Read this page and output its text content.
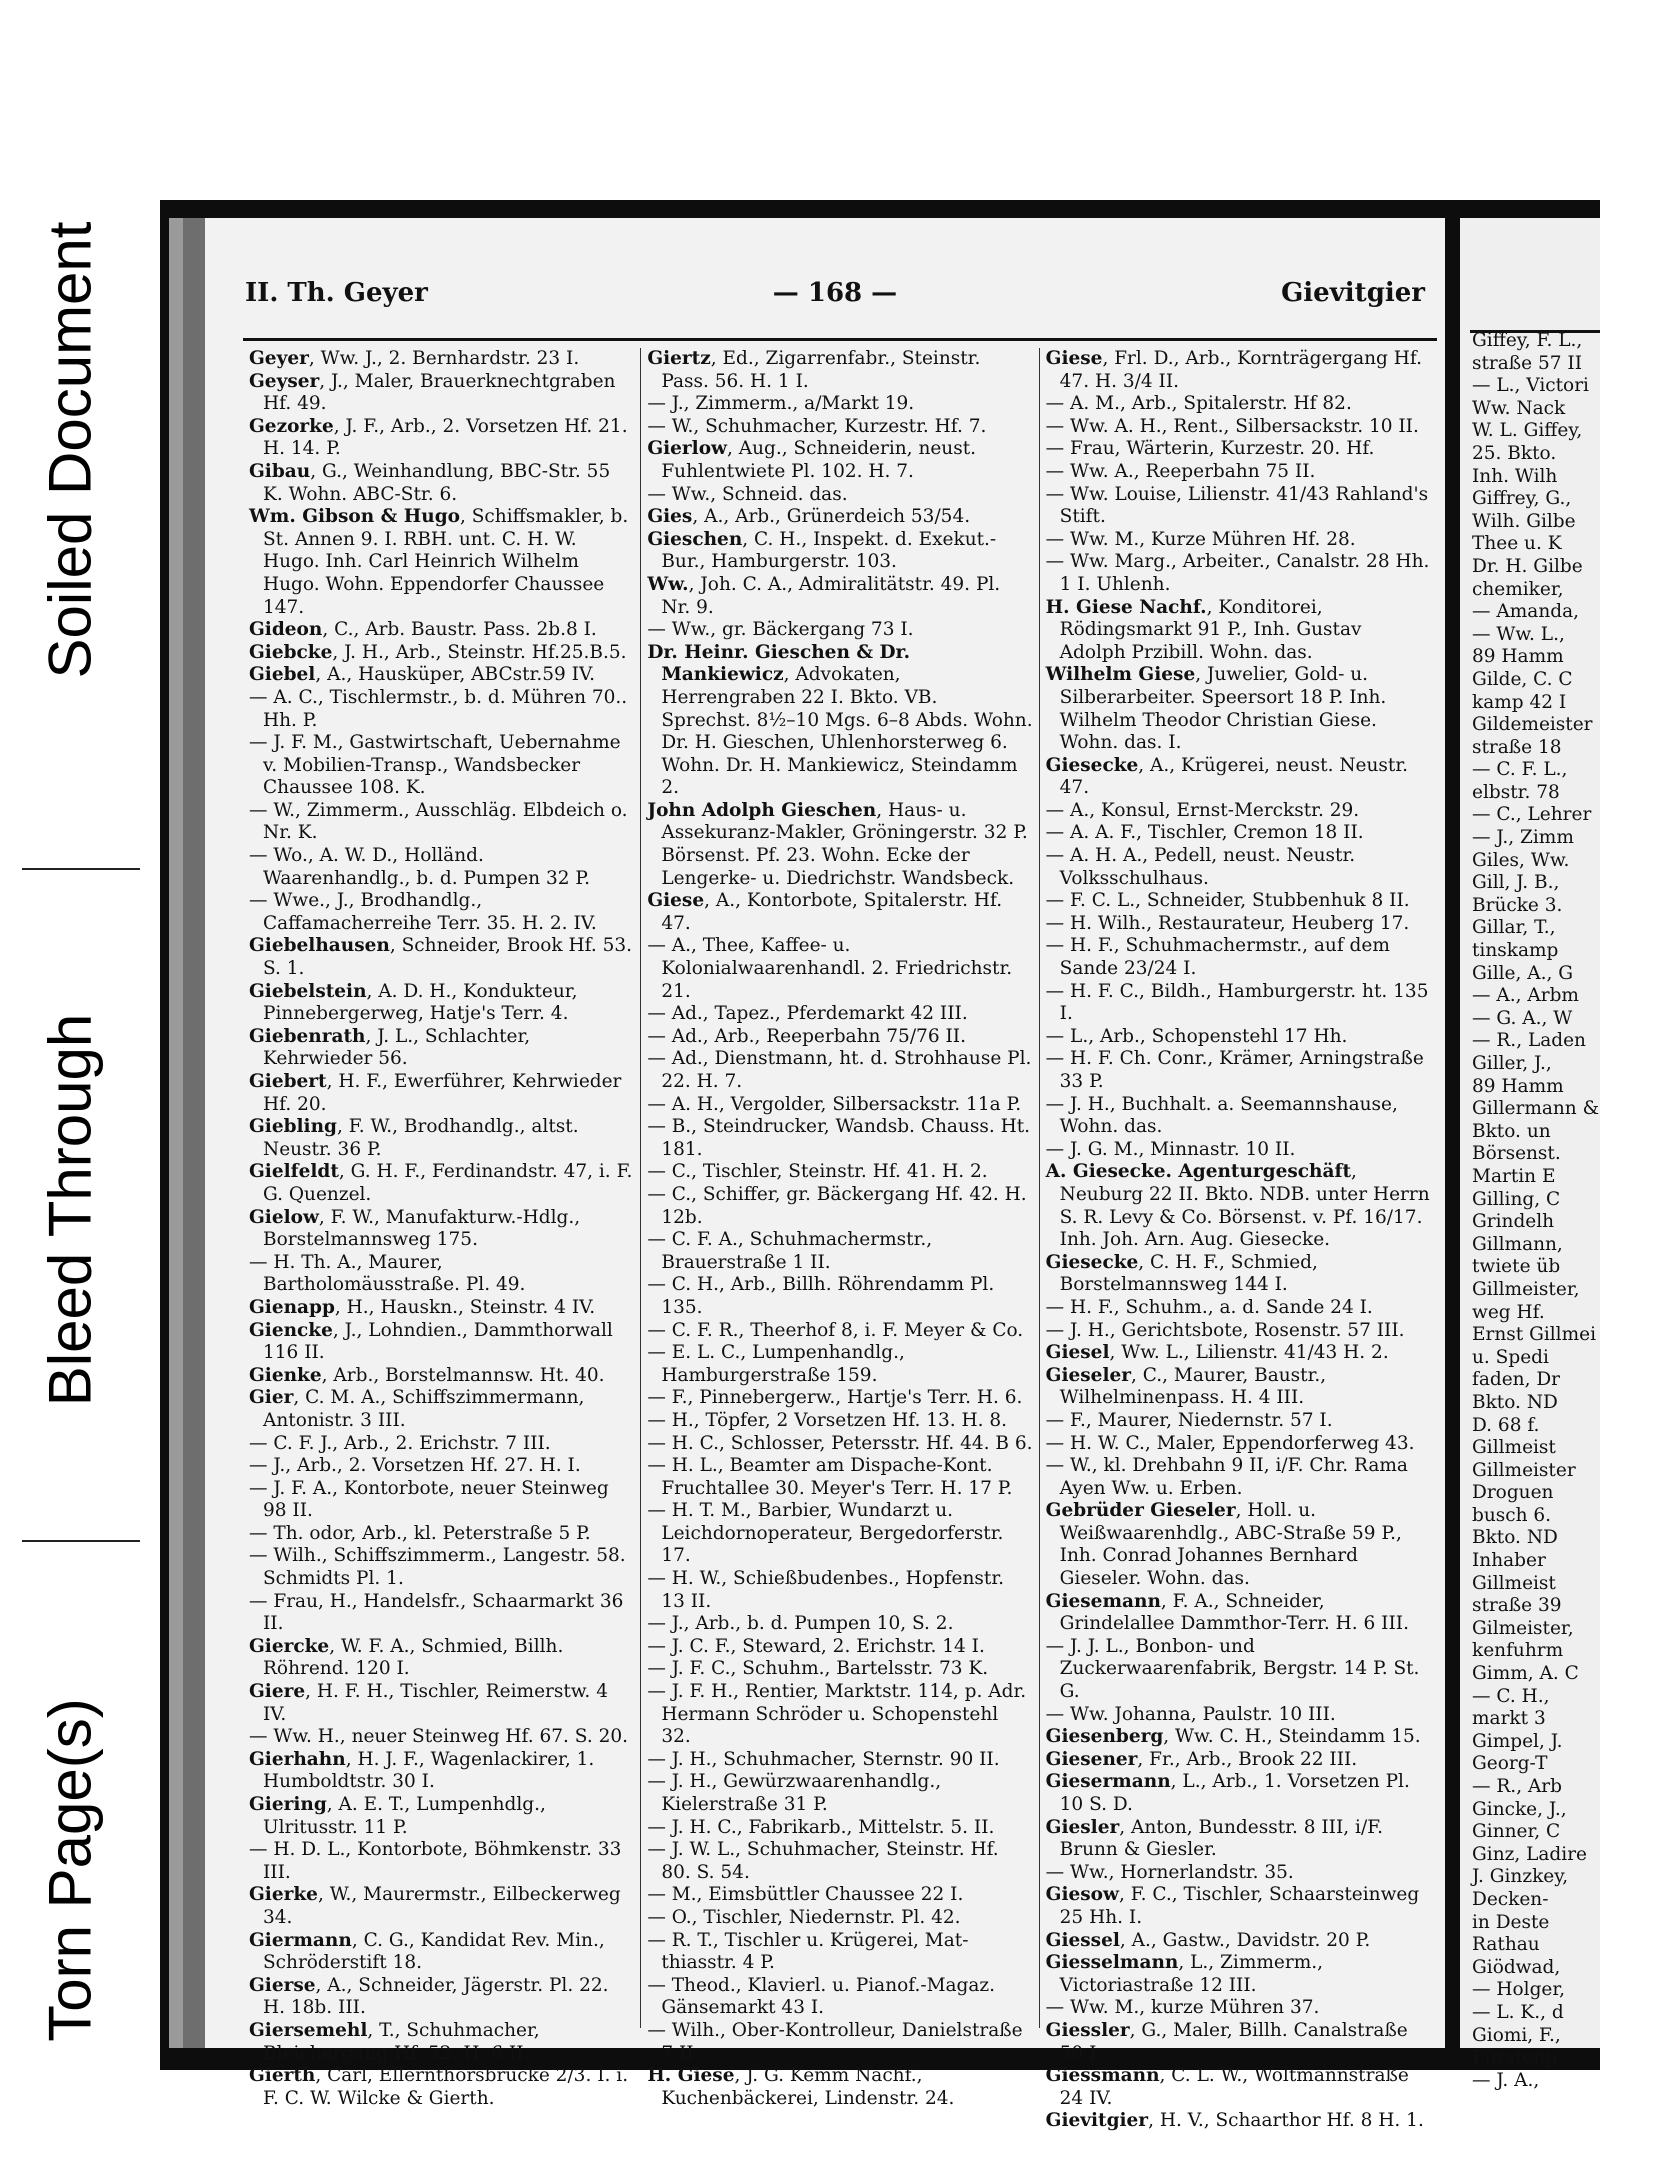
Torn Page(s)
Bleed Through
Soiled Document	II. Th. Geyer	— 168 —	Gievitgier

Geyer, Ww. J., 2. Bernhardstr. 23 I.

Geyser, J., Maler, Brauerknechtgraben Hf. 49.

Gezorke, J. F., Arb., 2. Vorsetzen Hf. 21. H. 14. P.

Gibau, G., Weinhandlung, BBC-Str. 55 K. Wohn. ABC-Str. 6.

Wm. Gibson & Hugo, Schiffsmakler, b. St. Annen 9. I. RBH. unt. C. H. W. Hugo. Inh. Carl Heinrich Wilhelm Hugo. Wohn. Eppendorfer Chaussee 147.

Gideon, C., Arb. Baustr. Pass. 2b.8 I.

Giebcke, J. H., Arb., Steinstr. Hf.25.B.5.

Giebel, A., Hausküper, ABCstr.59 IV.

— A. C., Tischlermstr., b. d. Mühren 70.. Hh. P.

— J. F. M., Gastwirtschaft, Uebernahme v. Mobilien-Transp., Wandsbecker Chaussee 108. K.

— W., Zimmerm., Ausschläg. Elbdeich o. Nr. K.

— Wo., A. W. D., Holländ. Waarenhandlg., b. d. Pumpen 32 P.

— Wwe., J., Brodhandlg., Caffamacherreihe Terr. 35. H. 2. IV.

Giebelhausen, Schneider, Brook Hf. 53. S. 1.

Giebelstein, A. D. H., Kondukteur, Pinnebergerweg, Hatje's Terr. 4.

Giebenrath, J. L., Schlachter, Kehrwieder 56.

Giebert, H. F., Ewerführer, Kehrwieder Hf. 20.

Giebling, F. W., Brodhandlg., altst. Neustr. 36 P.

Gielfeldt, G. H. F., Ferdinandstr. 47, i. F. G. Quenzel.

Gielow, F. W., Manufakturw.-Hdlg., Borstelmannsweg 175.

— H. Th. A., Maurer, Bartholomäusstraße. Pl. 49.

Gienapp, H., Hauskn., Steinstr. 4 IV.

Giencke, J., Lohndien., Dammthorwall 116 II.

Gienke, Arb., Borstelmannsw. Ht. 40.

Gier, C. M. A., Schiffszimmermann, Antonistr. 3 III.

— C. F. J., Arb., 2. Erichstr. 7 III.

— J., Arb., 2. Vorsetzen Hf. 27. H. I.

— J. F. A., Kontorbote, neuer Steinweg 98 II.

— Th. odor, Arb., kl. Peterstraße 5 P.

— Wilh., Schiffszimmerm., Langestr. 58. Schmidts Pl. 1.

— Frau, H., Handelsfr., Schaarmarkt 36 II.

Giercke, W. F. A., Schmied, Billh. Röhrend. 120 I.

Giere, H. F. H., Tischler, Reimerstw. 4 IV.

— Ww. H., neuer Steinweg Hf. 67. S. 20.

Gierhahn, H. J. F., Wagenlackirer, 1. Humboldtstr. 30 I.

Giering, A. E. T., Lumpenhdlg., Ulritusstr. 11 P.

— H. D. L., Kontorbote, Böhmkenstr. 33 III.

Gierke, W., Maurermstr., Eilbeckerweg 34.

Giermann, C. G., Kandidat Rev. Min., Schröderstift 18.

Gierse, A., Schneider, Jägerstr. Pl. 22. H. 18b. III.

Giersemehl, T., Schuhmacher, Bleichergang Hf. 52. H. 6 II.

Gierth, Carl, Ellernthorsbrücke 2/3. I. i. F. C. W. Wilcke & Gierth.

Giertz, Ed., Zigarrenfabr., Steinstr. Pass. 56. H. 1 I.

— J., Zimmerm., a/Markt 19.

— W., Schuhmacher, Kurzestr. Hf. 7.

Gierlow, Aug., Schneiderin, neust. Fuhlentwiete Pl. 102. H. 7.

— Ww., Schneid. das.

Gies, A., Arb., Grünerdeich 53/54.

Gieschen, C. H., Inspekt. d. Exekut.-Bur., Hamburgerstr. 103.

Ww., Joh. C. A., Admiralitätstr. 49. Pl. Nr. 9.

— Ww., gr. Bäckergang 73 I.

Dr. Heinr. Gieschen & Dr. Mankiewicz, Advokaten, Herrengraben 22 I. Bkto. VB. Sprechst. 8½–10 Mgs. 6–8 Abds. Wohn. Dr. H. Gieschen, Uhlenhorsterweg 6. Wohn. Dr. H. Mankiewicz, Steindamm 2.

John Adolph Gieschen, Haus- u. Assekuranz-Makler, Gröningerstr. 32 P. Börsenst. Pf. 23. Wohn. Ecke der Lengerke- u. Diedrichstr. Wandsbeck.

Giese, A., Kontorbote, Spitalerstr. Hf. 47.

— A., Thee, Kaffee- u. Kolonialwaarenhandl. 2. Friedrichstr. 21.

— Ad., Tapez., Pferdemarkt 42 III.

— Ad., Arb., Reeperbahn 75/76 II.

— Ad., Dienstmann, ht. d. Strohhause Pl. 22. H. 7.

— A. H., Vergolder, Silbersackstr. 11a P.

— B., Steindrucker, Wandsb. Chauss. Ht. 181.

— C., Tischler, Steinstr. Hf. 41. H. 2.

— C., Schiffer, gr. Bäckergang Hf. 42. H. 12b.

— C. F. A., Schuhmachermstr., Brauerstraße 1 II.

— C. H., Arb., Billh. Röhrendamm Pl. 135.

— C. F. R., Theerhof 8, i. F. Meyer & Co.

— E. L. C., Lumpenhandlg., Hamburgerstraße 159.

— F., Pinnebergerw., Hartje's Terr. H. 6.

— H., Töpfer, 2 Vorsetzen Hf. 13. H. 8.

— H. C., Schlosser, Petersstr. Hf. 44. B 6.

— H. L., Beamter am Dispache-Kont. Fruchtallee 30. Meyer's Terr. H. 17 P.

— H. T. M., Barbier, Wundarzt u. Leichdornoperateur, Bergedorferstr. 17.

— H. W., Schießbudenbes., Hopfenstr. 13 II.

— J., Arb., b. d. Pumpen 10, S. 2.

— J. C. F., Steward, 2. Erichstr. 14 I.

— J. F. C., Schuhm., Bartelsstr. 73 K.

— J. F. H., Rentier, Marktstr. 114, p. Adr. Hermann Schröder u. Schopenstehl 32.

— J. H., Schuhmacher, Sternstr. 90 II.

— J. H., Gewürzwaarenhandlg., Kielerstraße 31 P.

— J. H. C., Fabrikarb., Mittelstr. 5. II.

— J. W. L., Schuhmacher, Steinstr. Hf. 80. S. 54.

— M., Eimsbüttler Chaussee 22 I.

— O., Tischler, Niedernstr. Pl. 42.

— R. T., Tischler u. Krügerei, Mat-thiasstr. 4 P.

— Theod., Klavierl. u. Pianof.-Magaz. Gänsemarkt 43 I.

— Wilh., Ober-Kontrolleur, Danielstraße 7 II.

H. Giese, J. G. Kemm Nachf., Kuchenbäckerei, Lindenstr. 24.

Giese, Frl. D., Arb., Kornträgergang Hf. 47. H. 3/4 II.

— A. M., Arb., Spitalerstr. Hf 82.

— Ww. A. H., Rent., Silbersackstr. 10 II.

— Frau, Wärterin, Kurzestr. 20. Hf.

— Ww. A., Reeperbahn 75 II.

— Ww. Louise, Lilienstr. 41/43 Rahland's Stift.

— Ww. M., Kurze Mühren Hf. 28.

— Ww. Marg., Arbeiter., Canalstr. 28 Hh. 1 I. Uhlenh.

H. Giese Nachf., Konditorei, Rödingsmarkt 91 P., Inh. Gustav Adolph Przibill. Wohn. das.

Wilhelm Giese, Juwelier, Gold- u. Silberarbeiter. Speersort 18 P. Inh. Wilhelm Theodor Christian Giese. Wohn. das. I.

Giesecke, A., Krügerei, neust. Neustr. 47.

— A., Konsul, Ernst-Merckstr. 29.

— A. A. F., Tischler, Cremon 18 II.

— A. H. A., Pedell, neust. Neustr. Volksschulhaus.

— F. C. L., Schneider, Stubbenhuk 8 II.

— H. Wilh., Restaurateur, Heuberg 17.

— H. F., Schuhmachermstr., auf dem Sande 23/24 I.

— H. F. C., Bildh., Hamburgerstr. ht. 135 I.

— L., Arb., Schopenstehl 17 Hh.

— H. F. Ch. Conr., Krämer, Arningstraße 33 P.

— J. H., Buchhalt. a. Seemannshause, Wohn. das.

— J. G. M., Minnastr. 10 II.

A. Giesecke. Agenturgeschäft, Neuburg 22 II. Bkto. NDB. unter Herrn S. R. Levy & Co. Börsenst. v. Pf. 16/17. Inh. Joh. Arn. Aug. Giesecke.

Giesecke, C. H. F., Schmied, Borstelmannsweg 144 I.

— H. F., Schuhm., a. d. Sande 24 I.

— J. H., Gerichtsbote, Rosenstr. 57 III.

Giesel, Ww. L., Lilienstr. 41/43 H. 2.

Gieseler, C., Maurer, Baustr., Wilhelminenpass. H. 4 III.

— F., Maurer, Niedernstr. 57 I.

— H. W. C., Maler, Eppendorferweg 43.

— W., kl. Drehbahn 9 II, i/F. Chr. Rama Ayen Ww. u. Erben.

Gebrüder Gieseler, Holl. u. Weißwaarenhdlg., ABC-Straße 59 P., Inh. Conrad Johannes Bernhard Gieseler. Wohn. das.

Giesemann, F. A., Schneider, Grindelallee Dammthor-Terr. H. 6 III.

— J. J. L., Bonbon- und Zuckerwaarenfabrik, Bergstr. 14 P. St. G.

— Ww. Johanna, Paulstr. 10 III.

Giesenberg, Ww. C. H., Steindamm 15.

Giesener, Fr., Arb., Brook 22 III.

Giesermann, L., Arb., 1. Vorsetzen Pl. 10 S. D.

Giesler, Anton, Bundesstr. 8 III, i/F. Brunn & Giesler.

— Ww., Hornerlandstr. 35.

Giesow, F. C., Tischler, Schaarsteinweg 25 Hh. I.

Giessel, A., Gastw., Davidstr. 20 P.

Giesselmann, L., Zimmerm., Victoriastraße 12 III.

— Ww. M., kurze Mühren 37.

Giessler, G., Maler, Billh. Canalstraße 50 I.

Giessmann, C. L. W., Woltmannstraße 24 IV.

Gievitgier, H. V., Schaarthor Hf. 8 H. 1.

Giffey, F. L.,
straße 57 II
— L., Victori
Ww. Nack
W. L. Giffey,
25. Bkto.
Inh. Wilh
Giffrey, G.,
Wilh. Gilbe
Thee u. K
Dr. H. Gilbe
chemiker,
— Amanda,
— Ww. L.,
89 Hamm
Gilde, C. C
kamp 42 I
Gildemeister
straße 18
— C. F. L.,
elbstr. 78
— C., Lehrer
— J., Zimm
Giles, Ww.
Gill, J. B.,
Brücke 3.
Gillar, T.,
tinskamp
Gille, A., G
— A., Arbm
— G. A., W
— R., Laden
Giller, J.,
89 Hamm
Gillermann &
Bkto. un
Börsenst.
Martin E
Gilling, C
Grindelh
Gillmann,
twiete üb
Gillmeister,
weg Hf.
Ernst Gillmei
u. Spedi
faden, Dr
Bkto. ND
D. 68 f.
Gillmeist
Gillmeister
Droguen
busch 6.
Bkto. ND
Inhaber
Gillmeist
straße 39
Gilmeister,
kenfuhrm
Gimm, A. C
— C. H.,
markt 3
Gimpel, J.
Georg-T
— R., Arb
Gincke, J.,
Ginner, C
Ginz, Ladire
J. Ginzkey,
Decken-
in Deste
Rathau
Giödwad,
— Holger,
— L. K., d
Giomi, F.,
Fürstenp
— J. A.,
